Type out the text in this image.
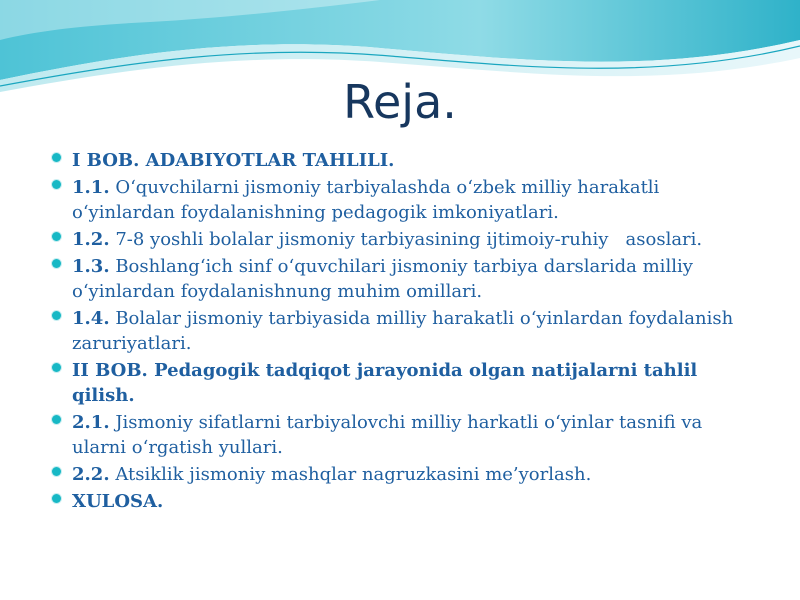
Reja.
I BOB. ADABIYOTLAR TAHLILI.
1.1. O‘quvchilarni jismoniy tarbiyalashda o‘zbek milliy harakatli o‘yinlardan foydalanishning pedagogik imkoniyatlari.
1.2. 7-8 yoshli bolalar jismoniy tarbiyasining ijtimoiy-ruhiy   asoslari.
1.3. Boshlang‘ich sinf o‘quvchilari jismoniy tarbiya darslarida milliy o‘yinlardan foydalanishnung muhim omillari.
1.4. Bolalar jismoniy tarbiyasida milliy harakatli o‘yinlardan foydalanish zaruriyatlari.
II BOB. Pedagogik tadqiqot jarayonida olgan natijalarni tahlil qilish.
2.1. Jismoniy sifatlarni tarbiyalovchi milliy harkatli o‘yinlar tasnifi va ularni o‘rgatish yullari.
2.2. Atsiklik jismoniy mashqlar nagruzkasini me’yorlash.
XULOSA.
